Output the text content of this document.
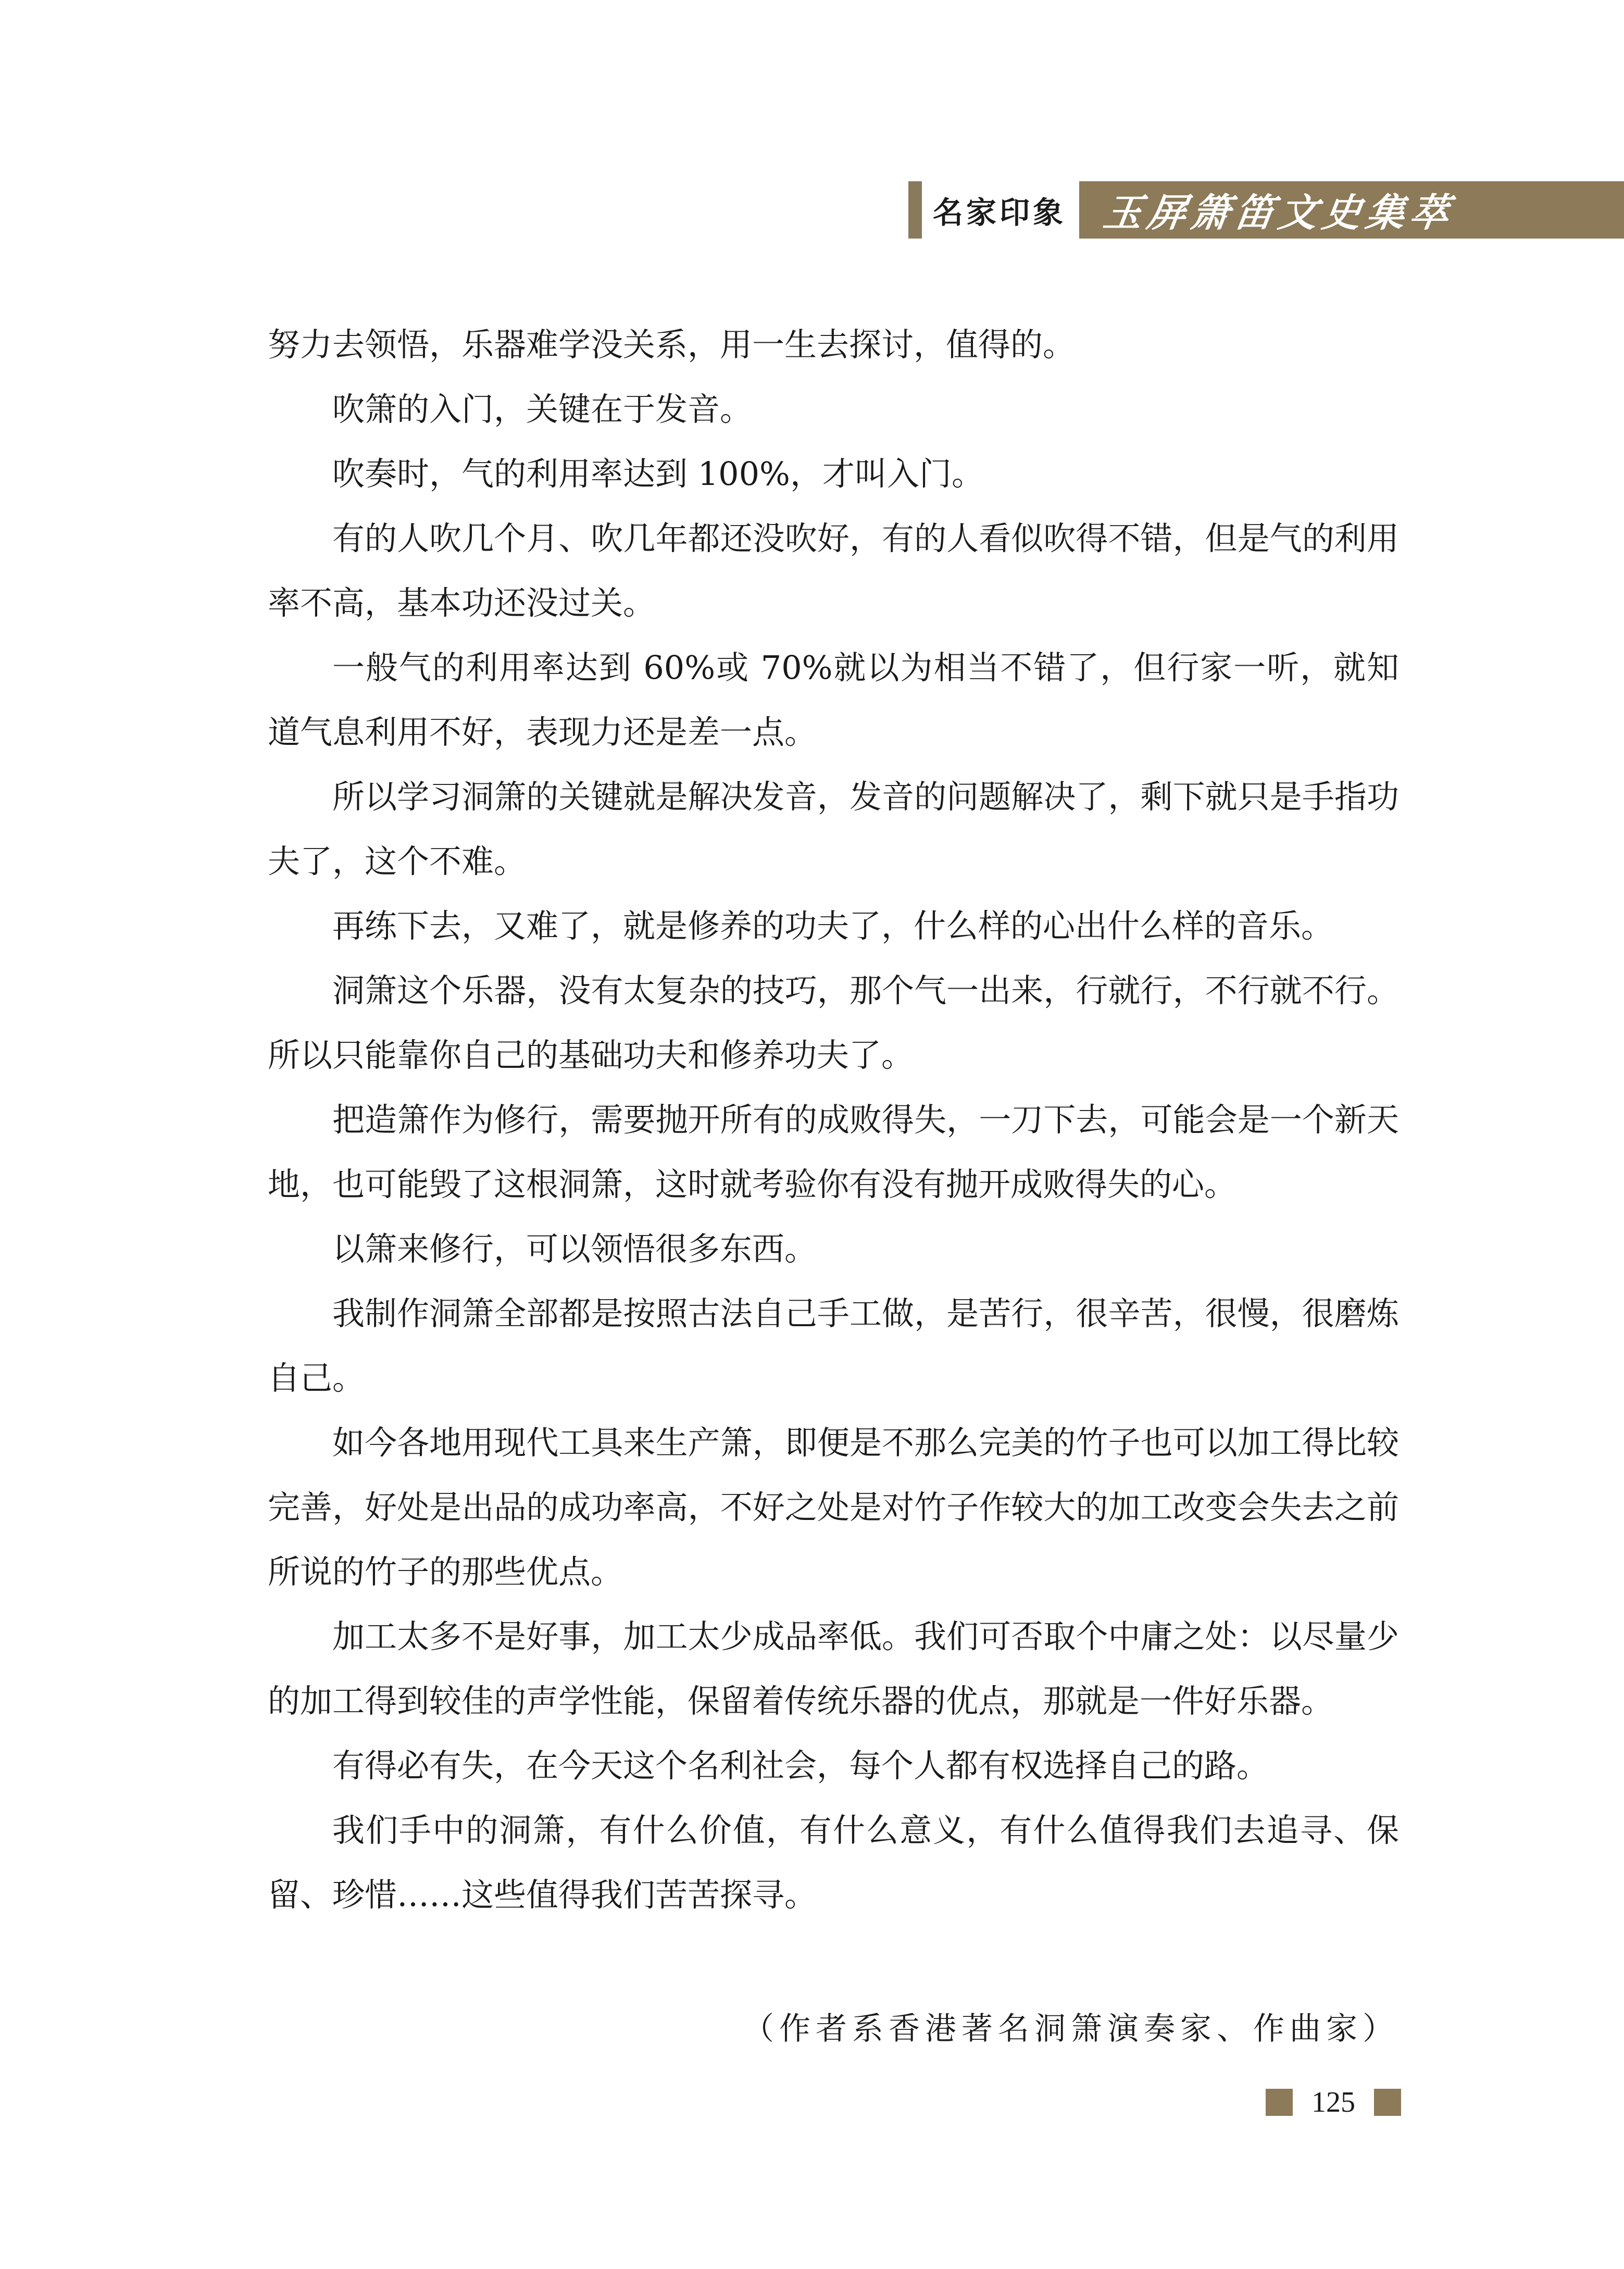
名家印象 玉屏箫笛文史集萃

努力去领悟，乐器难学没关系，用一生去探讨，值得的。

吹箫的入门，关键在于发音。

吹奏时，气的利用率达到 100%，才叫入门。

有的人吹几个月、吹几年都还没吹好，有的人看似吹得不错，但是气的利用率不高，基本功还没过关。

一般气的利用率达到 60%或 70%就以为相当不错了，但行家一听，就知道气息利用不好，表现力还是差一点。

所以学习洞箫的关键就是解决发音，发音的问题解决了，剩下就只是手指功夫了，这个不难。

再练下去，又难了，就是修养的功夫了，什么样的心出什么样的音乐。

洞箫这个乐器，没有太复杂的技巧，那个气一出来，行就行，不行就不行。所以只能靠你自己的基础功夫和修养功夫了。

把造箫作为修行，需要抛开所有的成败得失，一刀下去，可能会是一个新天地，也可能毁了这根洞箫，这时就考验你有没有抛开成败得失的心。

以箫来修行，可以领悟很多东西。

我制作洞箫全部都是按照古法自己手工做，是苦行，很辛苦，很慢，很磨炼自己。

如今各地用现代工具来生产箫，即便是不那么完美的竹子也可以加工得比较完善，好处是出品的成功率高，不好之处是对竹子作较大的加工改变会失去之前所说的竹子的那些优点。

加工太多不是好事，加工太少成品率低。我们可否取个中庸之处：以尽量少的加工得到较佳的声学性能，保留着传统乐器的优点，那就是一件好乐器。

有得必有失，在今天这个名利社会，每个人都有权选择自己的路。

我们手中的洞箫，有什么价值，有什么意义，有什么值得我们去追寻、保留、珍惜……这些值得我们苦苦探寻。

（作者系香港著名洞箫演奏家、作曲家）
125
